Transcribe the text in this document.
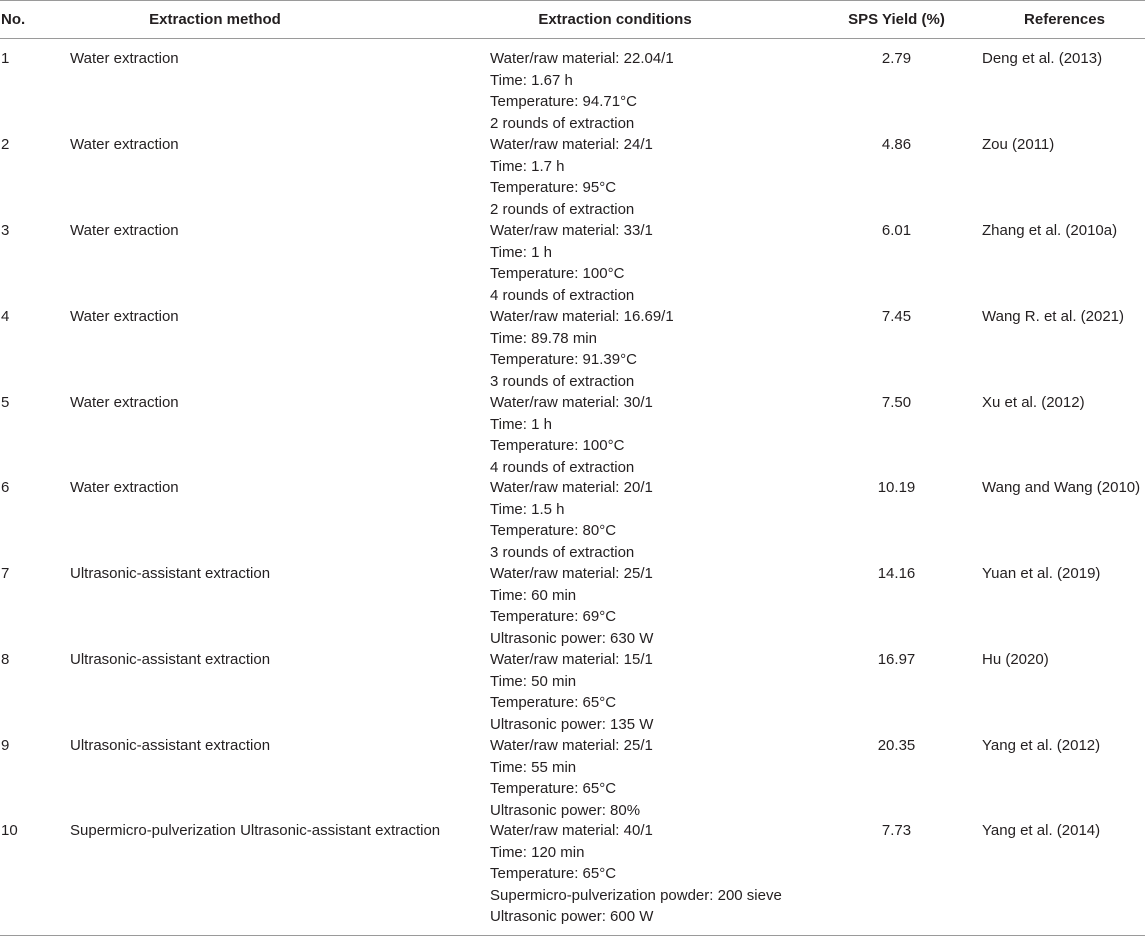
No.	Extraction method	Extraction conditions	SPS Yield (%)	References
1	Water extraction	Water/raw material: 22.04/1
Time: 1.67 h
Temperature: 94.71°C
2 rounds of extraction
2.79	Deng et al. (2013)
2	Water extraction	Water/raw material: 24/1
Time: 1.7 h
Temperature: 95°C
2 rounds of extraction
4.86	Zou (2011)
3	Water extraction	Water/raw material: 33/1
Time: 1 h
Temperature: 100°C
4 rounds of extraction
6.01	Zhang et al. (2010a)
4	Water extraction	Water/raw material: 16.69/1
Time: 89.78 min
Temperature: 91.39°C
3 rounds of extraction
7.45	Wang R. et al. (2021)
5	Water extraction	Water/raw material: 30/1
Time: 1 h
Temperature: 100°C
4 rounds of extraction
7.50	Xu et al. (2012)
6	Water extraction	Water/raw material: 20/1
Time: 1.5 h
Temperature: 80°C
3 rounds of extraction
10.19	Wang and Wang (2010)
7	Ultrasonic-assistant extraction	Water/raw material: 25/1
Time: 60 min
Temperature: 69°C
Ultrasonic power: 630 W
14.16	Yuan et al. (2019)
8	Ultrasonic-assistant extraction	Water/raw material: 15/1
Time: 50 min
Temperature: 65°C
Ultrasonic power: 135 W
16.97	Hu (2020)
9	Ultrasonic-assistant extraction	Water/raw material: 25/1
Time: 55 min
Temperature: 65°C
Ultrasonic power: 80%
20.35	Yang et al. (2012)
10	Supermicro-pulverization Ultrasonic-assistant extraction	Water/raw material: 40/1
Time: 120 min
Temperature: 65°C
Supermicro-pulverization powder: 200 sieve
Ultrasonic power: 600 W
7.73	Yang et al. (2014)
